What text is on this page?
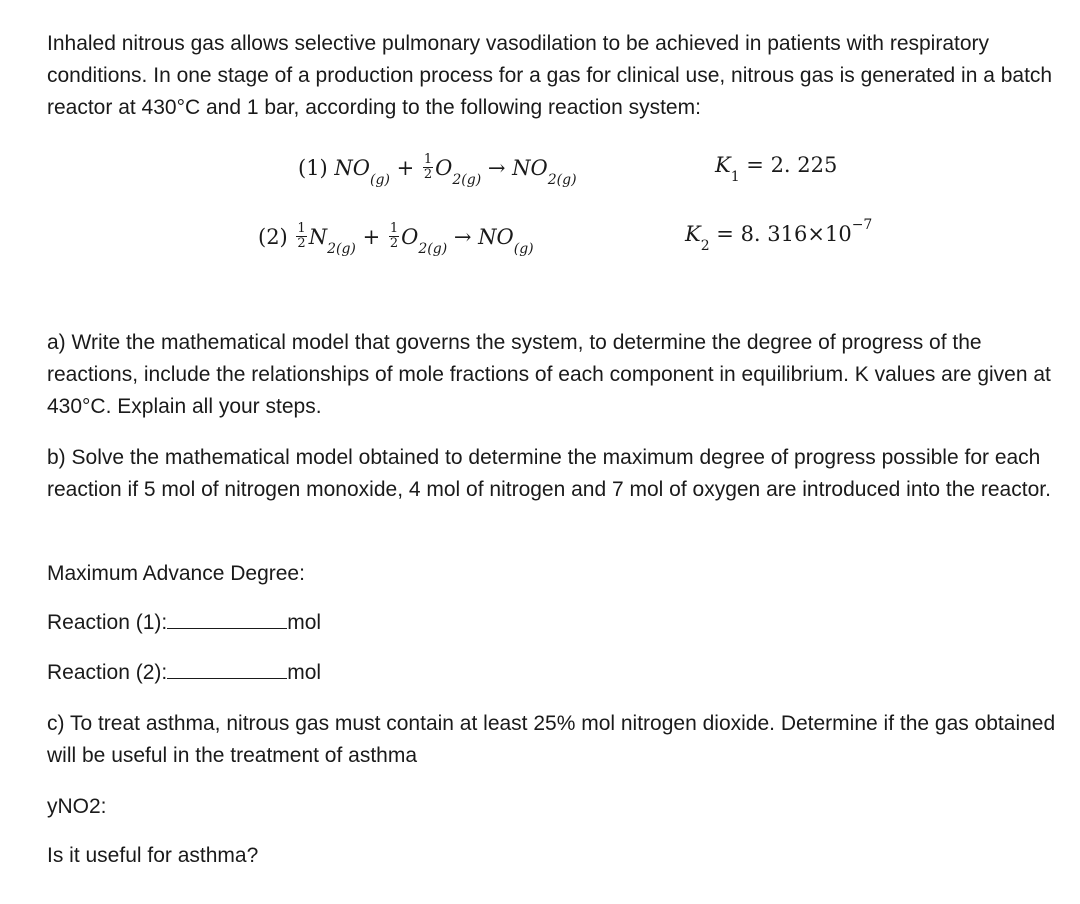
Inhaled nitrous gas allows selective pulmonary vasodilation to be achieved in patients with respiratory conditions. In one stage of a production process for a gas for clinical use, nitrous gas is generated in a batch reactor at 430°C and 1 bar, according to the following reaction system:

(1) $NO_{(g)} + \frac{1}{2} O_{2(g)} \to NO_{2(g)}$
$K_1 = 2$. 225
$(2) \frac{1}{2} N_{2(g)} + \frac{1}{2} O_{2(g)} \to NO_{(g)}$
$K_2 = 8$. $316\times 10^{-7}$

a) Write the mathematical model that governs the system, to determine the degree of progress of the reactions, include the relationships of mole fractions of each component in equilibrium. K values are given at 430°C. Explain all your steps.

b) Solve the mathematical model obtained to determine the maximum degree of progress possible for each reaction if 5 mol of nitrogen monoxide, 4 mol of nitrogen and 7 mol of oxygen are introduced into the reactor.

Maximum Advance Degree:

Reaction (1):	mol

Reaction (2):	mol

c) To treat asthma, nitrous gas must contain at least 25% mol nitrogen dioxide. Determine if the gas obtained will be useful in the treatment of asthma

yNO2:

Is it useful for asthma?
